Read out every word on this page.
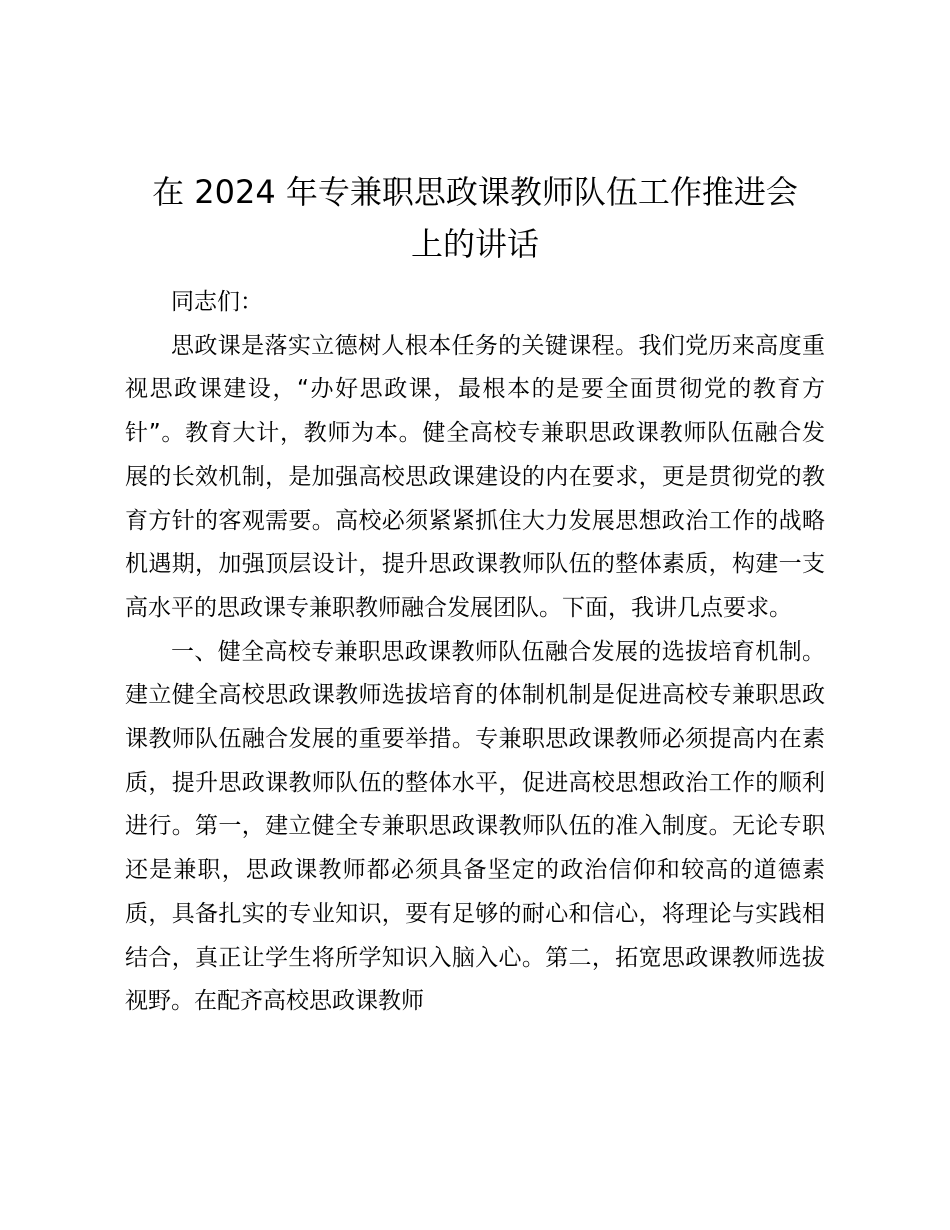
在 2024 年专兼职思政课教师队伍工作推进会
上的讲话

同志们：

思政课是落实立德树人根本任务的关键课程。我们党历来高度重视思政课建设，“办好思政课，最根本的是要全面贯彻党的教育方针”。教育大计，教师为本。健全高校专兼职思政课教师队伍融合发展的长效机制，是加强高校思政课建设的内在要求，更是贯彻党的教育方针的客观需要。高校必须紧紧抓住大力发展思想政治工作的战略机遇期，加强顶层设计，提升思政课教师队伍的整体素质，构建一支高水平的思政课专兼职教师融合发展团队。下面，我讲几点要求。

一、健全高校专兼职思政课教师队伍融合发展的选拔培育机制。建立健全高校思政课教师选拔培育的体制机制是促进高校专兼职思政课教师队伍融合发展的重要举措。专兼职思政课教师必须提高内在素质，提升思政课教师队伍的整体水平，促进高校思想政治工作的顺利进行。第一，建立健全专兼职思政课教师队伍的准入制度。无论专职还是兼职，思政课教师都必须具备坚定的政治信仰和较高的道德素质，具备扎实的专业知识，要有足够的耐心和信心，将理论与实践相结合，真正让学生将所学知识入脑入心。第二，拓宽思政课教师选拔视野。在配齐高校思政课教师
